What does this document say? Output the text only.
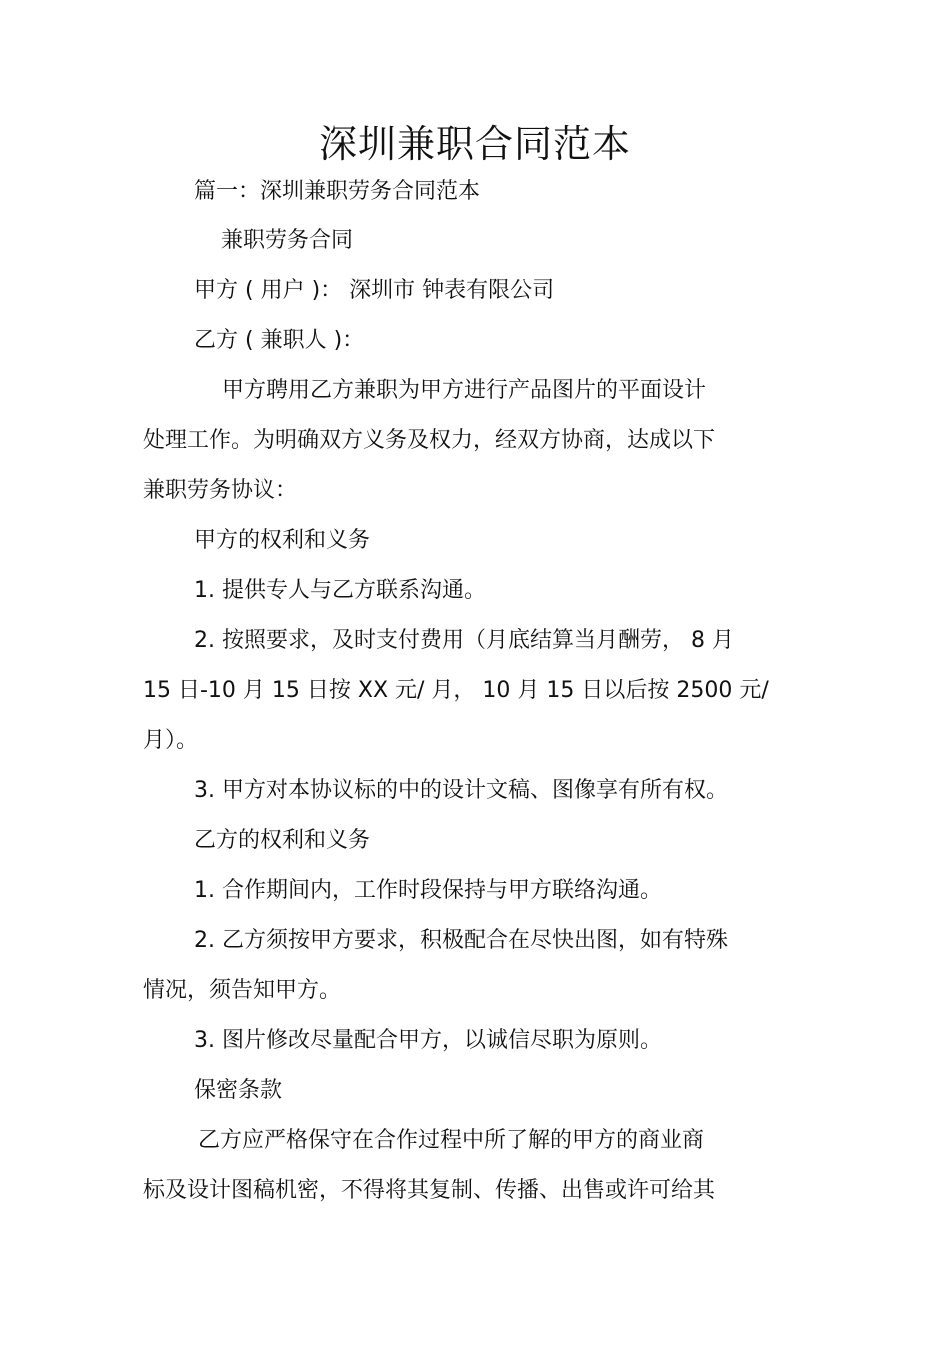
深圳兼职合同范本
篇一：深圳兼职劳务合同范本
兼职劳务合同
甲方 ( 用户 )： 深圳市 钟表有限公司
乙方 ( 兼职人 )：
甲方聘用乙方兼职为甲方进行产品图片的平面设计
处理工作。为明确双方义务及权力，经双方协商，达成以下
兼职劳务协议：
甲方的权利和义务
1. 提供专人与乙方联系沟通。
2. 按照要求，及时支付费用（月底结算当月酬劳， 8 月
15 日-10 月 15 日按 XX 元/ 月， 10 月 15 日以后按 2500 元/
月）。
3. 甲方对本协议标的中的设计文稿、图像享有所有权。
乙方的权利和义务
1. 合作期间内，工作时段保持与甲方联络沟通。
2. 乙方须按甲方要求，积极配合在尽快出图，如有特殊
情况，须告知甲方。
3. 图片修改尽量配合甲方，以诚信尽职为原则。
保密条款
乙方应严格保守在合作过程中所了解的甲方的商业商
标及设计图稿机密，不得将其复制、传播、出售或许可给其
